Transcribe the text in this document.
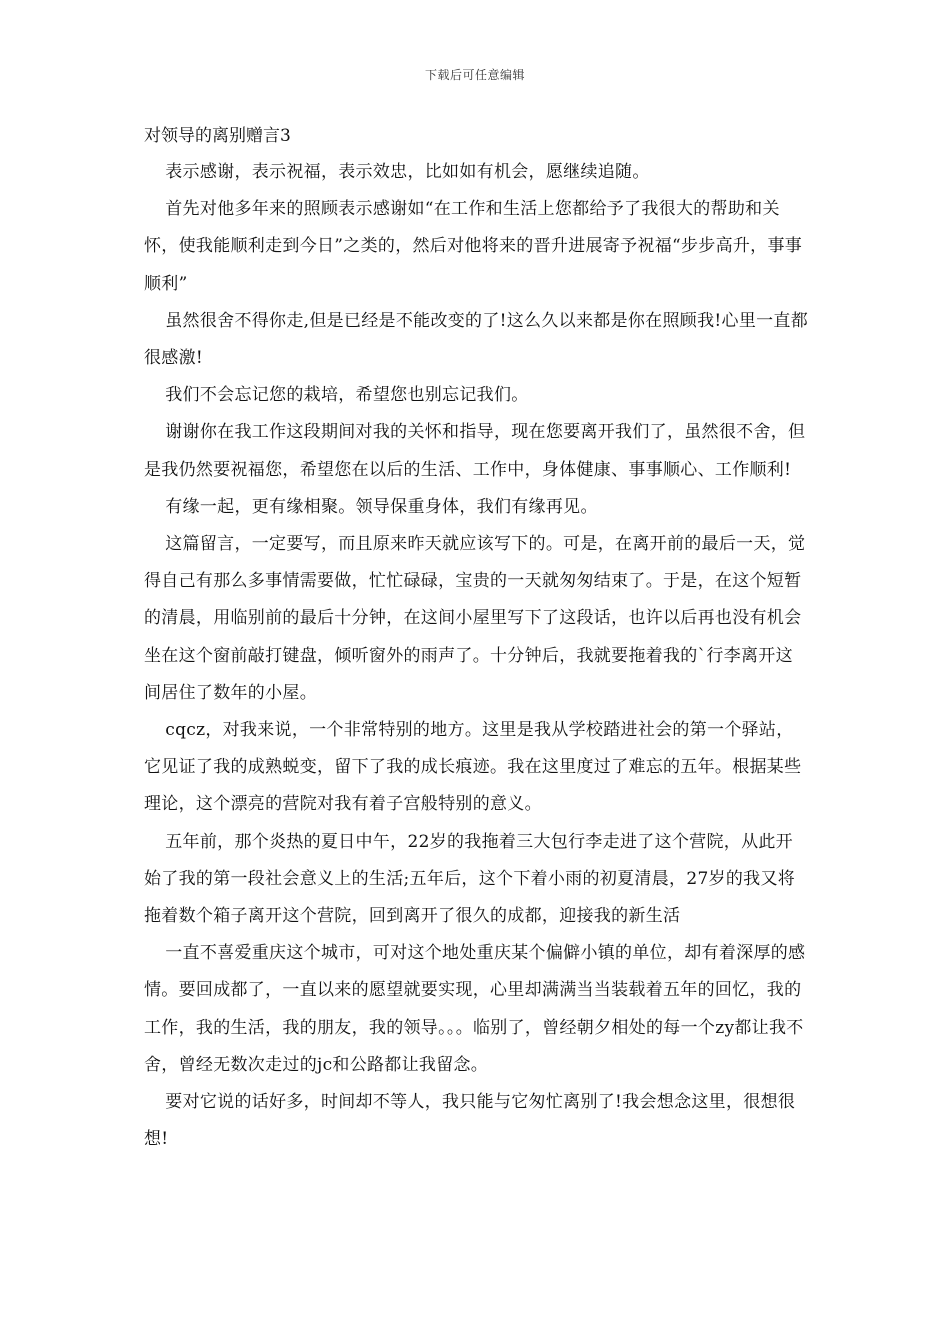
下载后可任意编辑
对领导的离别赠言3

表示感谢，表示祝福，表示效忠，比如如有机会，愿继续追随。

首先对他多年来的照顾表示感谢如“在工作和生活上您都给予了我很大的帮助和关怀，使我能顺利走到今日”之类的，然后对他将来的晋升进展寄予祝福“步步高升，事事顺利”

虽然很舍不得你走,但是已经是不能改变的了!这么久以来都是你在照顾我!心里一直都很感激!

我们不会忘记您的栽培，希望您也别忘记我们。

谢谢你在我工作这段期间对我的关怀和指导，现在您要离开我们了，虽然很不舍，但是我仍然要祝福您，希望您在以后的生活、工作中，身体健康、事事顺心、工作顺利!

有缘一起，更有缘相聚。领导保重身体，我们有缘再见。

这篇留言，一定要写，而且原来昨天就应该写下的。可是，在离开前的最后一天，觉得自己有那么多事情需要做，忙忙碌碌，宝贵的一天就匆匆结束了。于是，在这个短暂的清晨，用临别前的最后十分钟，在这间小屋里写下了这段话，也许以后再也没有机会坐在这个窗前敲打键盘，倾听窗外的雨声了。十分钟后，我就要拖着我的`行李离开这间居住了数年的小屋。

cqcz，对我来说，一个非常特别的地方。这里是我从学校踏进社会的第一个驿站，它见证了我的成熟蜕变，留下了我的成长痕迹。我在这里度过了难忘的五年。根据某些理论，这个漂亮的营院对我有着子宫般特别的意义。

五年前，那个炎热的夏日中午，22岁的我拖着三大包行李走进了这个营院，从此开始了我的第一段社会意义上的生活;五年后，这个下着小雨的初夏清晨，27岁的我又将拖着数个箱子离开这个营院，回到离开了很久的成都，迎接我的新生活

一直不喜爱重庆这个城市，可对这个地处重庆某个偏僻小镇的单位，却有着深厚的感情。要回成都了，一直以来的愿望就要实现，心里却满满当当装载着五年的回忆，我的工作，我的生活，我的朋友，我的领导。。。临别了，曾经朝夕相处的每一个zy都让我不舍，曾经无数次走过的jc和公路都让我留念。

要对它说的话好多，时间却不等人，我只能与它匆忙离别了!我会想念这里，很想很想!
